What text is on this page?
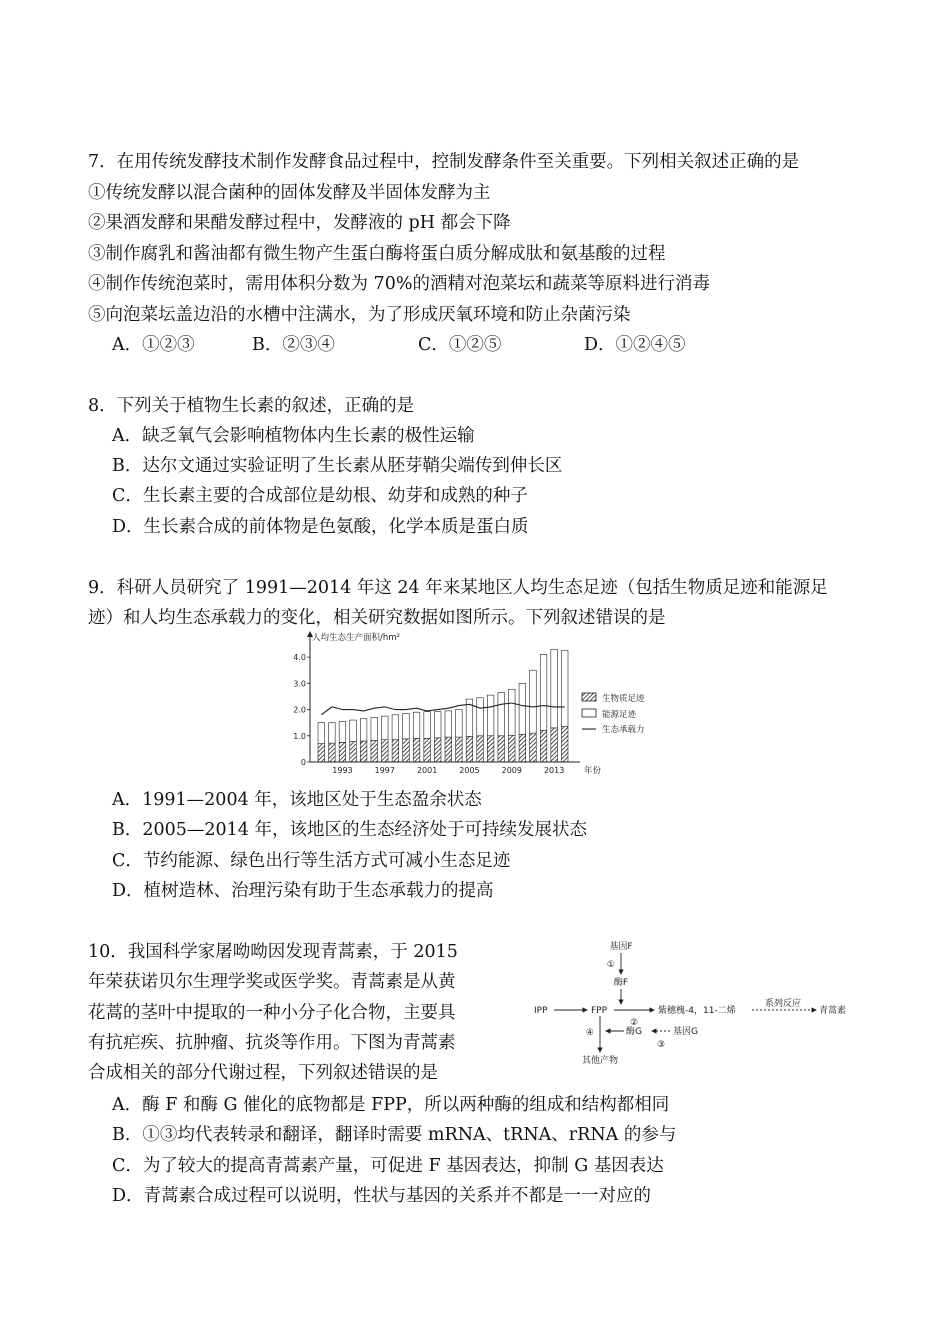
7．在用传统发酵技术制作发酵食品过程中，控制发酵条件至关重要。下列相关叙述正确的是
①传统发酵以混合菌种的固体发酵及半固体发酵为主
②果酒发酵和果醋发酵过程中，发酵液的 pH 都会下降
③制作腐乳和酱油都有微生物产生蛋白酶将蛋白质分解成肽和氨基酸的过程
④制作传统泡菜时，需用体积分数为 70%的酒精对泡菜坛和蔬菜等原料进行消毒
⑤向泡菜坛盖边沿的水槽中注满水，为了形成厌氧环境和防止杂菌污染
A．①②③	B．②③④	C．①②⑤	D．①②④⑤
8．下列关于植物生长素的叙述，正确的是
A．缺乏氧气会影响植物体内生长素的极性运输
B．达尔文通过实验证明了生长素从胚芽鞘尖端传到伸长区
C．生长素主要的合成部位是幼根、幼芽和成熟的种子
D．生长素合成的前体物是色氨酸，化学本质是蛋白质
9．科研人员研究了 1991—2014 年这 24 年来某地区人均生态足迹（包括生物质足迹和能源足
迹）和人均生态承载力的变化，相关研究数据如图所示。下列叙述错误的是
人均生态生产面积/hm²
0
1.0
2.0
3.0
4.0
1993	1997	2001	2005	2009	2013 年份
生物质足迹
能源足迹
生态承载力
A．1991—2004 年，该地区处于生态盈余状态
B．2005—2014 年，该地区的生态经济处于可持续发展状态
C．节约能源、绿色出行等生活方式可减小生态足迹
D．植树造林、治理污染有助于生态承载力的提高
10．我国科学家屠呦呦因发现青蒿素，于 2015
年荣获诺贝尔生理学奖或医学奖。青蒿素是从黄
花蒿的茎叶中提取的一种小分子化合物，主要具
有抗疟疾、抗肿瘤、抗炎等作用。下图为青蒿素
合成相关的部分代谢过程，下列叙述错误的是
基因F
①
酶F
IPP	FPP
②
紫穗槐-4，11-二烯
系列反应
青蒿素
④	酶G	基因G
③
其他产物
A．酶 F 和酶 G 催化的底物都是 FPP，所以两种酶的组成和结构都相同
B．①③均代表转录和翻译，翻译时需要 mRNA、tRNA、rRNA 的参与
C．为了较大的提高青蒿素产量，可促进 F 基因表达，抑制 G 基因表达
D．青蒿素合成过程可以说明，性状与基因的关系并不都是一一对应的
